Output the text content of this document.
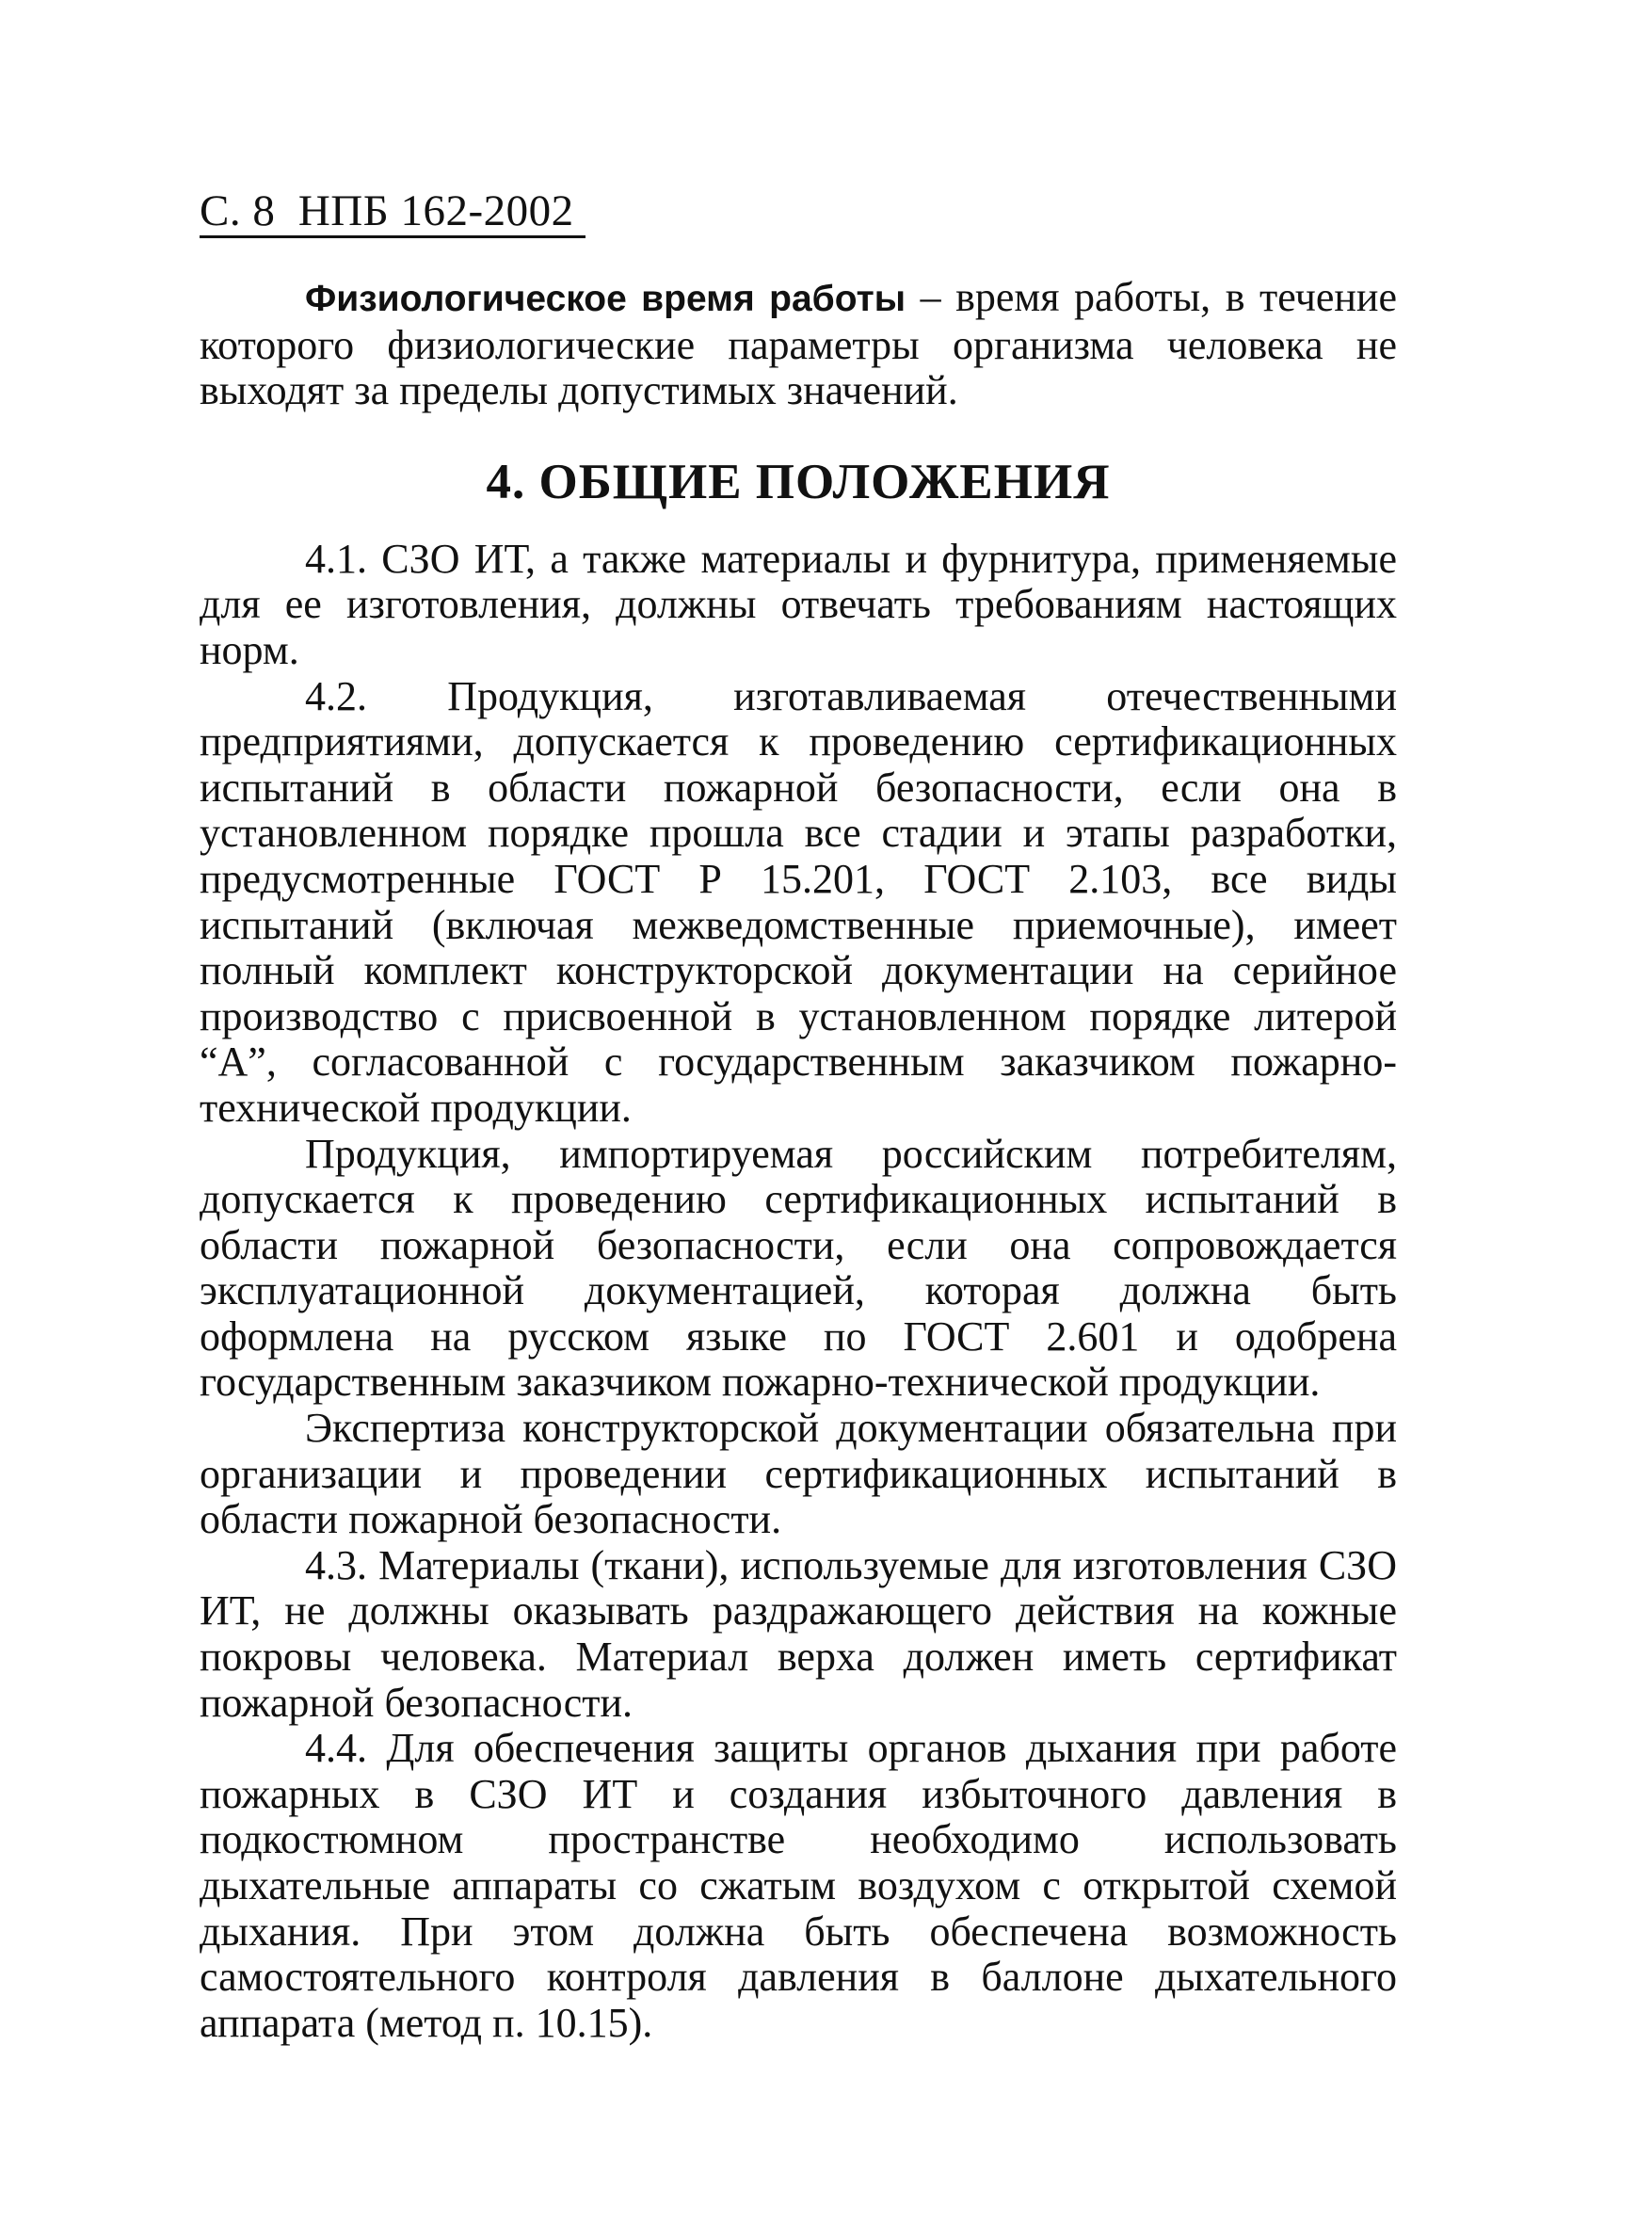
С. 8 НПБ 162-2002

Физиологическое время работы – время работы, в течение которого физиологические параметры организма человека не выходят за пределы допустимых значений.

4. ОБЩИЕ ПОЛОЖЕНИЯ

4.1. СЗО ИТ, а также материалы и фурнитура, применяемые для ее изготовления, должны отвечать требованиям настоящих норм.

4.2. Продукция, изготавливаемая отечественными предприятиями, допускается к проведению сертификационных испытаний в области пожарной безопасности, если она в установленном порядке прошла все стадии и этапы разработки, предусмотренные ГОСТ Р 15.201, ГОСТ 2.103, все виды испытаний (включая межведомственные приемочные), имеет полный комплект конструкторской документации на серийное производство с присвоенной в установленном порядке литерой “А”, согласованной с государственным заказчиком пожарно-технической продукции.

Продукция, импортируемая российским потребителям, допускается к проведению сертификационных испытаний в области пожарной безопасности, если она сопровождается эксплуатационной документацией, которая должна быть оформлена на русском языке по ГОСТ 2.601 и одобрена государственным заказчиком пожарно-технической продукции.

Экспертиза конструкторской документации обязательна при организации и проведении сертификационных испытаний в области пожарной безопасности.

4.3. Материалы (ткани), используемые для изготовления СЗО ИТ, не должны оказывать раздражающего действия на кожные покровы человека. Материал верха должен иметь сертификат пожарной безопасности.

4.4. Для обеспечения защиты органов дыхания при работе пожарных в СЗО ИТ и создания избыточного давления в подкостюмном пространстве необходимо использовать дыхательные аппараты со сжатым воздухом с открытой схемой дыхания. При этом должна быть обеспечена возможность самостоятельного контроля давления в баллоне дыхательного аппарата (метод п. 10.15).
